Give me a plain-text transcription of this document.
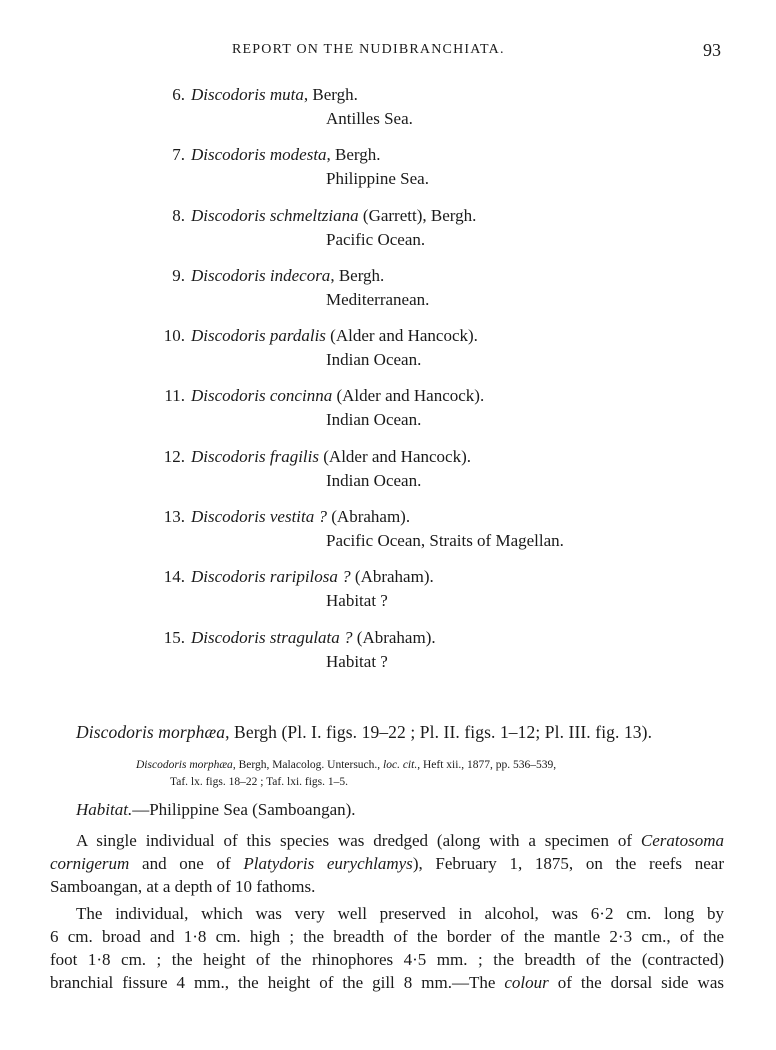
REPORT ON THE NUDIBRANCHIATA.	93
6. Discodoris muta, Bergh.
Antilles Sea.
7. Discodoris modesta, Bergh.
Philippine Sea.
8. Discodoris schmeltziana (Garrett), Bergh.
Pacific Ocean.
9. Discodoris indecora, Bergh.
Mediterranean.
10. Discodoris pardalis (Alder and Hancock).
Indian Ocean.
11. Discodoris concinna (Alder and Hancock).
Indian Ocean.
12. Discodoris fragilis (Alder and Hancock).
Indian Ocean.
13. Discodoris vestita ? (Abraham).
Pacific Ocean, Straits of Magellan.
14. Discodoris raripilosa ? (Abraham).
Habitat ?
15. Discodoris stragulata ? (Abraham).
Habitat ?
Discodoris morphæa, Bergh (Pl. I. figs. 19–22 ; Pl. II. figs. 1–12; Pl. III. fig. 13).
Discodoris morphæa, Bergh, Malacolog. Untersuch., loc. cit., Heft xii., 1877, pp. 536–539,
Taf. lx. figs. 18–22 ; Taf. lxi. figs. 1–5.
Habitat.—Philippine Sea (Samboangan).
A single individual of this species was dredged (along with a specimen of Ceratosoma
cornigerum and one of Platydoris eurychlamys), February 1, 1875, on the reefs near
Samboangan, at a depth of 10 fathoms.
The individual, which was very well preserved in alcohol, was 6·2 cm. long by
6 cm. broad and 1·8 cm. high ; the breadth of the border of the mantle 2·3 cm., of the
foot 1·8 cm. ; the height of the rhinophores 4·5 mm. ; the breadth of the (contracted)
branchial fissure 4 mm., the height of the gill 8 mm.—The colour of the dorsal side was
